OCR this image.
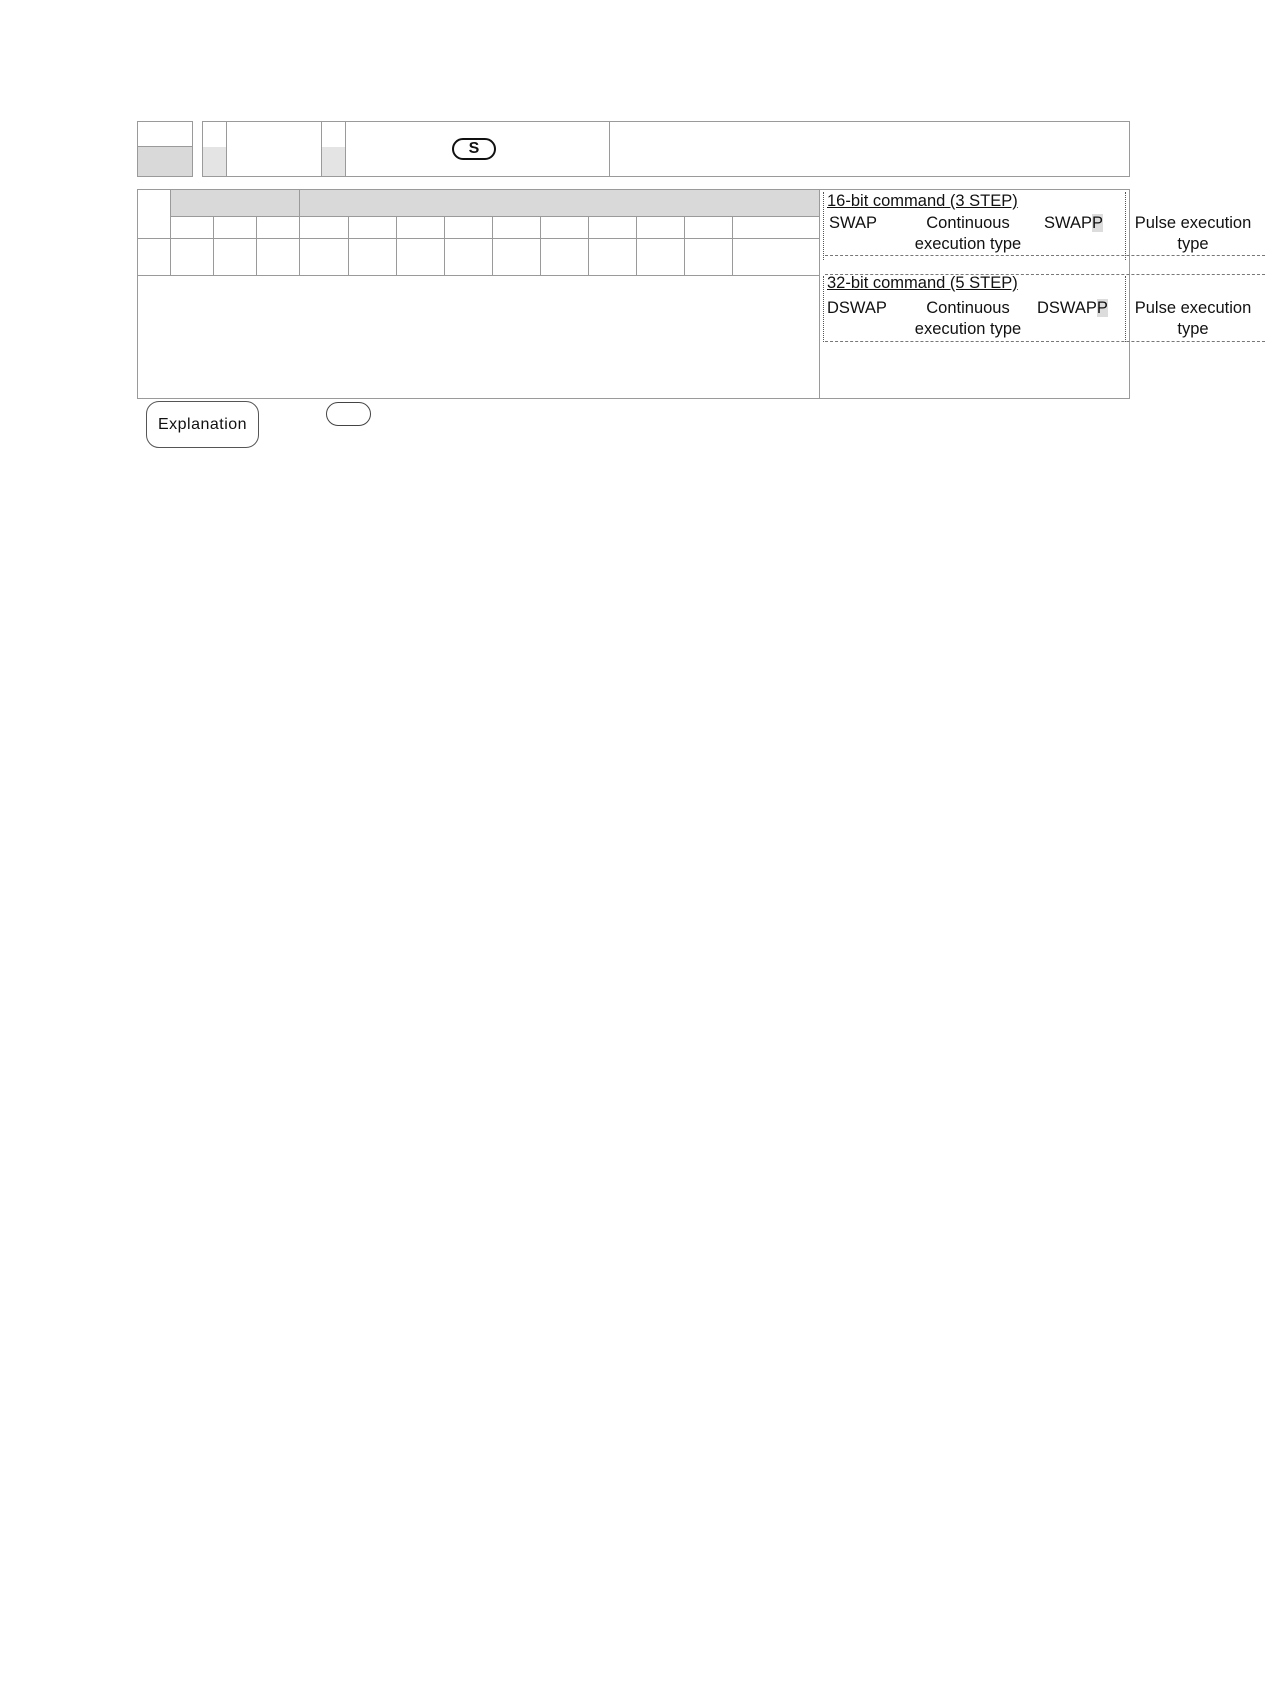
S
16-bit command (3 STEP)
SWAP	Continuous
execution type
SWAPP	Pulse execution
type
32-bit command (5 STEP)
DSWAP	Continuous
execution type
DSWAPP	Pulse execution
type
Explanation
